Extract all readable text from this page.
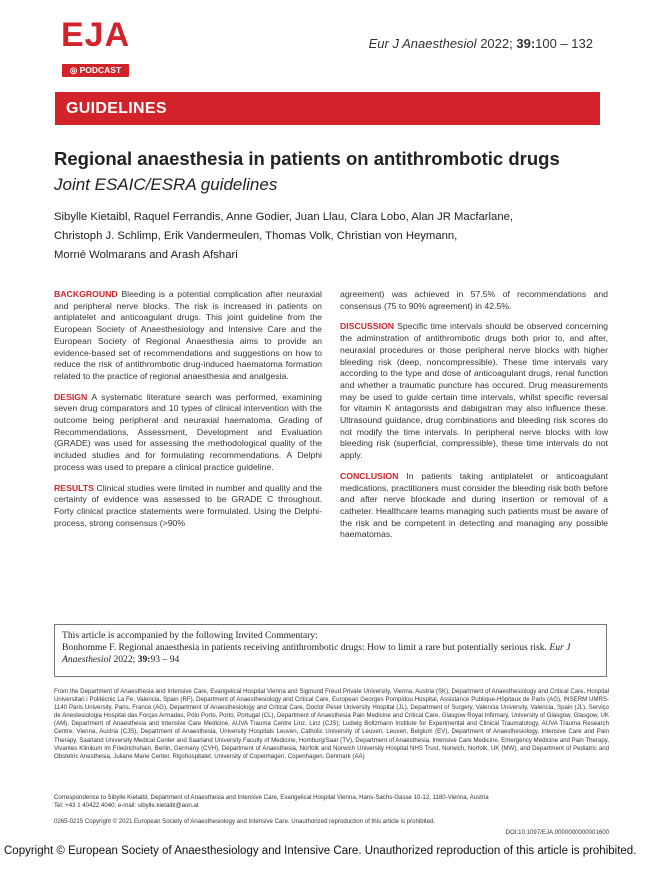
EJA
◎ PODCAST
Eur J Anaesthesiol 2022; 39:100 – 132
GUIDELINES
Regional anaesthesia in patients on antithrombotic drugs
Joint ESAIC/ESRA guidelines
Sibylle Kietaibl, Raquel Ferrandis, Anne Godier, Juan Llau, Clara Lobo, Alan JR Macfarlane,
Christoph J. Schlimp, Erik Vandermeulen, Thomas Volk, Christian von Heymann,
Morné Wolmarans and Arash Afshari

BACKGROUND Bleeding is a potential complication after neuraxial and peripheral nerve blocks. The risk is increased in patients on antiplatelet and anticoagulant drugs. This joint guideline from the European Society of Anaesthesiology and Intensive Care and the European Society of Regional Anaesthesia aims to provide an evidence-based set of recommendations and suggestions on how to reduce the risk of antithrombotic drug-induced haematoma formation related to the practice of regional anaesthesia and analgesia.

DESIGN A systematic literature search was performed, examining seven drug comparators and 10 types of clinical intervention with the outcome being peripheral and neuraxial haematoma. Grading of Recommendations, Assessment, Development and Evaluation (GRADE) was used for assessing the methodological quality of the included studies and for formulating recommendations. A Delphi process was used to prepare a clinical practice guideline.

RESULTS Clinical studies were limited in number and quality and the certainty of evidence was assessed to be GRADE C throughout. Forty clinical practice statements were formulated. Using the Delphi-process, strong consensus (>90%

agreement) was achieved in 57.5% of recommendations and consensus (75 to 90% agreement) in 42.5%.

DISCUSSION Specific time intervals should be observed concerning the adminstration of antithrombotic drugs both prior to, and after, neuraxial procedures or those peripheral nerve blocks with higher bleeding risk (deep, noncompressible). These time intervals vary according to the type and dose of anticoagulant drugs, renal function and whether a traumatic puncture has occured. Drug measurements may be used to guide certain time intervals, whilst specific reversal for vitamin K antagonists and dabigatran may also influence these. Ultrasound guidance, drug combinations and bleeding risk scores do not modify the time intervals. In peripheral nerve blocks with low bleeding risk (superficial, compressible), these time intervals do not apply.

CONCLUSION In patients taking antiplatelet or anticoagulant medications, practitioners must consider the bleeding risk both before and after nerve blockade and during insertion or removal of a catheter. Healthcare teams managing such patients must be aware of the risk and be competent in detecting and managing any possible haematomas.

This article is accompanied by the following Invited Commentary:
Bonhomme F. Regional anaesthesia in patients receiving antithrombotic drugs: How to limit a rare but potentially serious risk. Eur J Anaesthesiol 2022; 39:93 – 94
From the Department of Anaesthesia and Intensive Care, Evangelical Hospital Vienna and Sigmund Freud Private University, Vienna, Austria (SK), Department of Anaesthesiology and Critical Care, Hospital Universitari i Politècnic La Fe, Valencia, Spain (RF), Department of Anaesthesiology and Critical Care, European Georges Pompidou Hospital, Assistance Publique-Hôpitaux de Paris (AG), INSERM UMRS-1140 Paris University, Paris, France (AG), Department of Anaesthesiology and Critical Care, Doctor Peset University Hospital (JL), Department of Surgery, Valencia University, Valencia, Spain (JL), Serviço de Anestesiologia Hospital das Forças Armadas, Pólo Porto, Porto, Portugal (CL), Department of Anaesthesia Pain Medicine and Critical Care, Glasgow Royal Infirmary, University of Glasgow, Glasgow, UK (AM), Department of Anaesthesia and Intensive Care Medicine, AUVA Trauma Centre Linz, Linz (CJS); Ludwig Boltzmann Institute for Experimental and Clinical Traumatology, AUVA Trauma Research Centre, Vienna, Austria (CJS), Department of Anaesthesia, University Hospitals Leuven, Catholic University of Leuven, Leuven, Belgium (EV), Department of Anaesthesiology, Intensive Care and Pain Therapy, Saarland University Medical Center and Saarland University Faculty of Medicine, Homburg/Saar (TV), Department of Anaesthesia, Intensive Care Medicine, Emergency Medicine and Pain Therapy, Vivantes Klinikum im Friedrichshain, Berlin, Germany (CVH), Department of Anaesthesia, Norfolk and Norwich University Hospital NHS Trust, Norwich, Norfolk, UK (MW), and Department of Pediatric and Obstetric Anesthesia, Juliane Marie Center, Rigshospitalet, University of Copenhagen, Copenhagen, Denmark (AA)
Correspondence to Sibylle Kietaibl, Department of Anaesthesia and Intensive Care, Evangelical Hospital Vienna, Hans-Sachs-Gasse 10-12, 1180-Vienna, Austria
Tel: +43 1 40422 4040; e-mail: sibylle.kietaibl@aon.at
0265-0215 Copyright © 2021 European Society of Anaesthesiology and Intensive Care. Unauthorized reproduction of this article is prohibited.
DOI:10.1097/EJA.0000000000001600
Copyright © European Society of Anaesthesiology and Intensive Care. Unauthorized reproduction of this article is prohibited.
